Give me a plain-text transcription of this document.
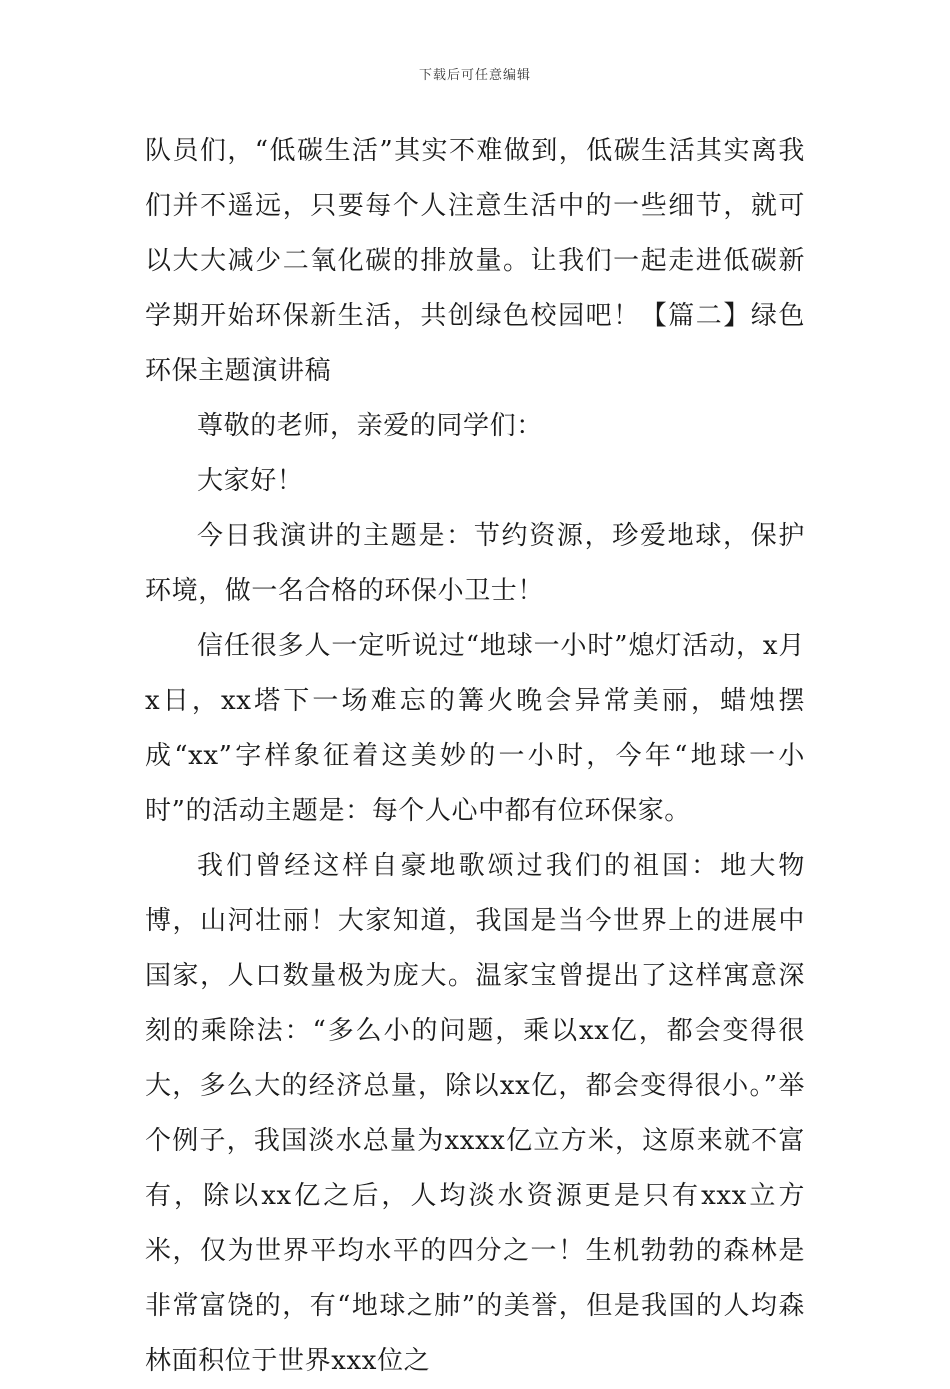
下载后可任意编辑

队员们，“低碳生活”其实不难做到，低碳生活其实离我们并不遥远，只要每个人注意生活中的一些细节，就可以大大减少二氧化碳的排放量。让我们一起走进低碳新学期开始环保新生活，共创绿色校园吧！【篇二】绿色环保主题演讲稿

尊敬的老师，亲爱的同学们：

大家好！

今日我演讲的主题是：节约资源，珍爱地球，保护环境，做一名合格的环保小卫士！

信任很多人一定听说过“地球一小时”熄灯活动，x月x日，xx塔下一场难忘的篝火晚会异常美丽，蜡烛摆成“xx”字样象征着这美妙的一小时，今年“地球一小时”的活动主题是：每个人心中都有位环保家。

我们曾经这样自豪地歌颂过我们的祖国：地大物博，山河壮丽！大家知道，我国是当今世界上的进展中国家，人口数量极为庞大。温家宝曾提出了这样寓意深刻的乘除法：“多么小的问题，乘以xx亿，都会变得很大，多么大的经济总量，除以xx亿，都会变得很小。”举个例子，我国淡水总量为xxxx亿立方米，这原来就不富有，除以xx亿之后，人均淡水资源更是只有xxx立方米，仅为世界平均水平的四分之一！生机勃勃的森林是非常富饶的，有“地球之肺”的美誉，但是我国的人均森林面积位于世界xxx位之
